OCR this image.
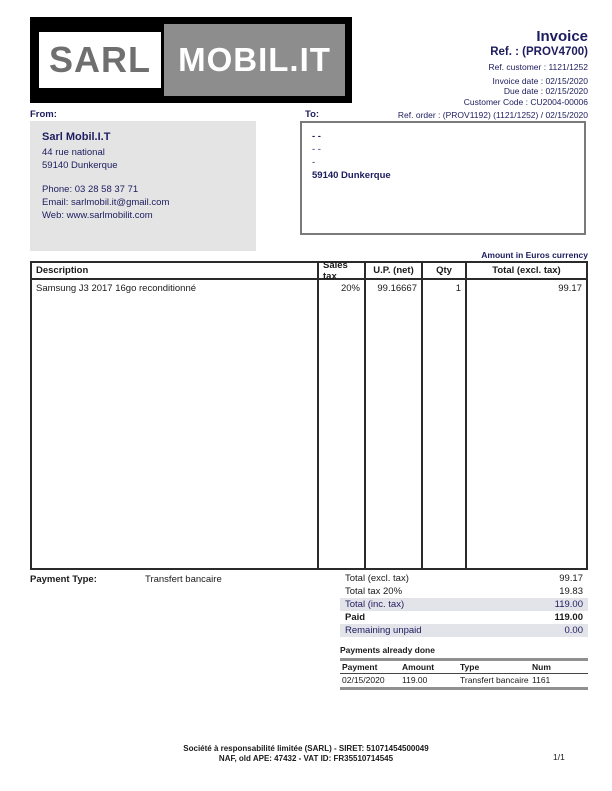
SARL MOBIL.IT
Invoice
Ref. : (PROV4700)
Ref. customer : 1121/1252
Invoice date : 02/15/2020
Due date : 02/15/2020
Customer Code : CU2004-00006
Ref. order : (PROV1192) (1121/1252) / 02/15/2020
From:
Sarl Mobil.I.T
44 rue national
59140 Dunkerque
Phone: 03 28 58 37 71
Email: sarlmobil.it@gmail.com
Web: www.sarlmobilit.com
To:
- -
- -
-
59140 Dunkerque
Amount in Euros currency
Description	Sales tax	U.P. (net)	Qty	Total (excl. tax)
Samsung J3 2017 16go reconditionné	20%	99.16667	1	99.17
Payment Type:	Transfert bancaire	Total (excl. tax)	99.17
Total tax 20%	19.83
Total (inc. tax)	119.00
Paid	119.00
Remaining unpaid	0.00
Payments already done
Payment	Amount	Type	Num
02/15/2020	119.00	Transfert bancaire 1161
Société à responsabilité limitée (SARL) - SIRET: 51071454500049
NAF, old APE: 47432 - VAT ID: FR35510714545	1/1
